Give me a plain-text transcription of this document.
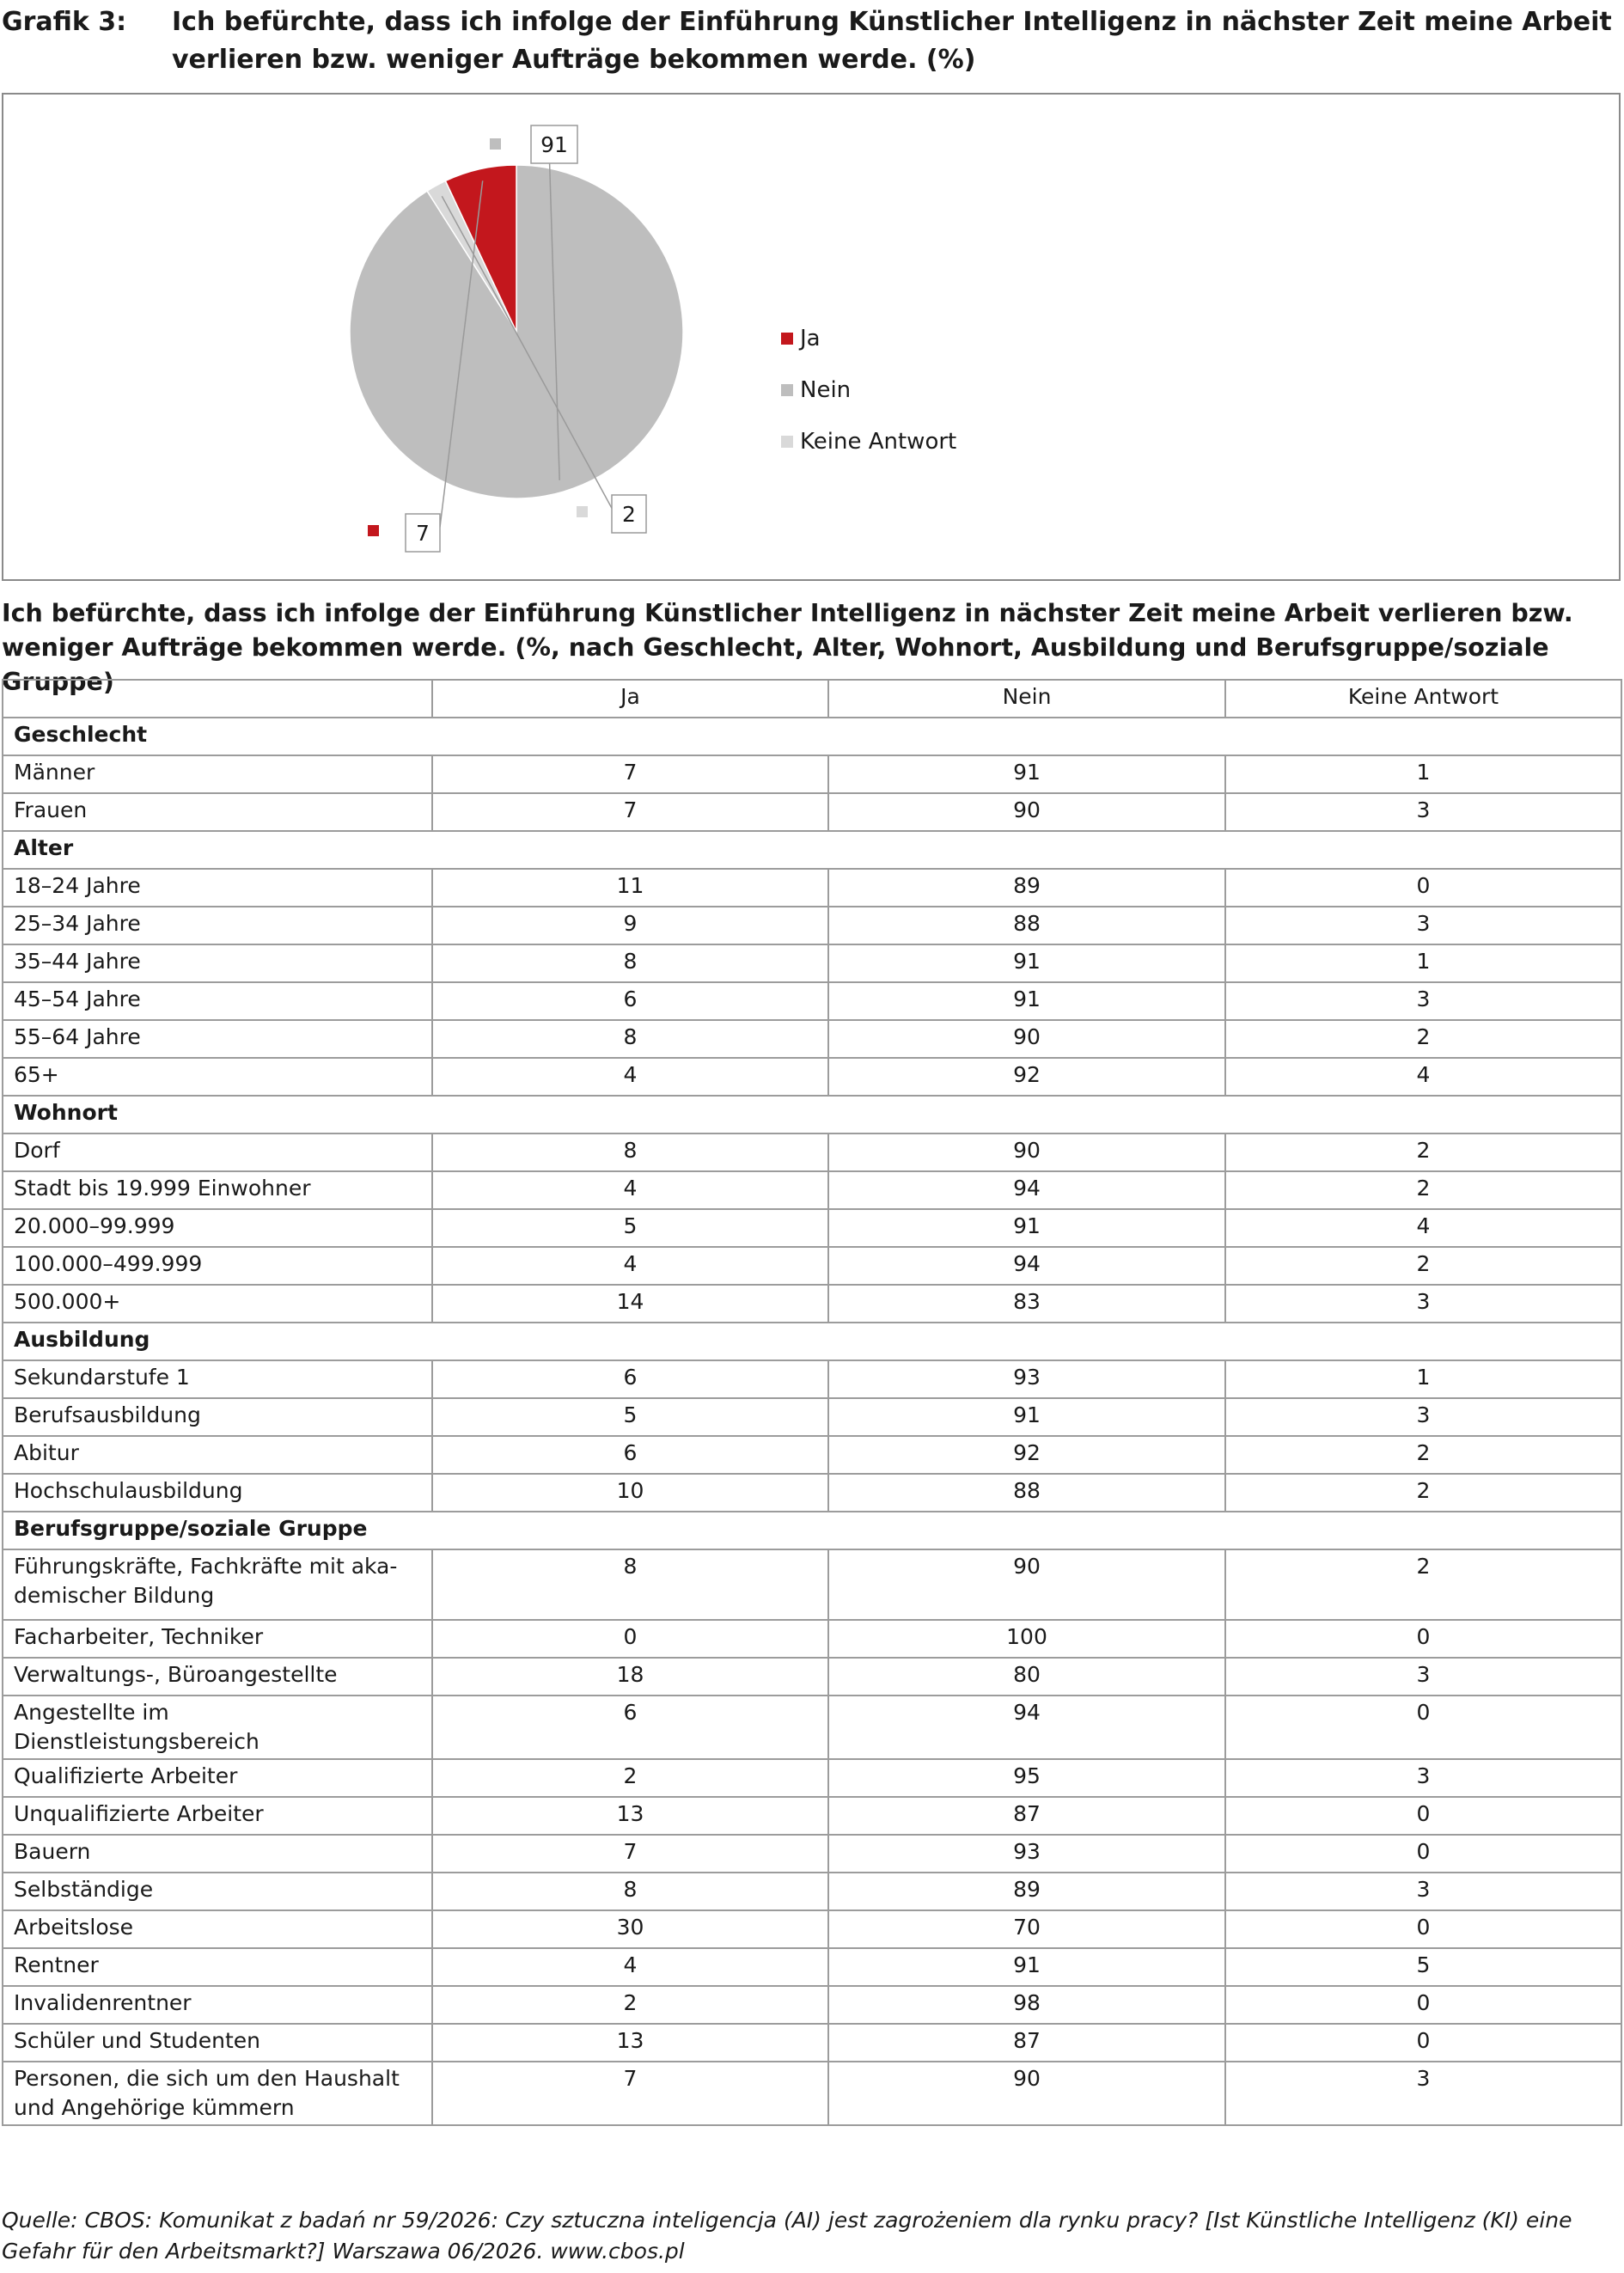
Grafik 3: Ich befürchte, dass ich infolge der Einführung Künstlicher Intelligenz in nächster Zeit meine Arbeit verlieren bzw. weniger Aufträge bekommen werde. (%)
91
2
7
Ja
Nein
Keine Antwort
Ich befürchte, dass ich infolge der Einführung Künstlicher Intelligenz in nächster Zeit meine Arbeit verlieren bzw. weniger Aufträge bekommen werde. (%, nach Geschlecht, Alter, Wohnort, Ausbildung und Berufsgruppe/soziale Gruppe)
	Ja	Nein	Keine Antwort
Geschlecht			
Männer	7	91	1
Frauen	7	90	3
Alter			
18–24 Jahre	11	89	0
25–34 Jahre	9	88	3
35–44 Jahre	8	91	1
45–54 Jahre	6	91	3
55–64 Jahre	8	90	2
65+	4	92	4
Wohnort			
Dorf	8	90	2
Stadt bis 19.999 Einwohner	4	94	2
20.000–99.999	5	91	4
100.000–499.999	4	94	2
500.000+	14	83	3
Ausbildung			
Sekundarstufe 1	6	93	1
Berufsausbildung	5	91	3
Abitur	6	92	2
Hochschulausbildung	10	88	2
Berufsgruppe/soziale Gruppe			
Führungskräfte, Fachkräfte mit aka-demischer Bildung	8	90	2
Facharbeiter, Techniker	0	100	0
Verwaltungs-, Büroangestellte	18	80	3
Angestellte im Dienstleistungsbereich	6	94	0
Qualifizierte Arbeiter	2	95	3
Unqualifizierte Arbeiter	13	87	0
Bauern	7	93	0
Selbständige	8	89	3
Arbeitslose	30	70	0
Rentner	4	91	5
Invalidenrentner	2	98	0
Schüler und Studenten	13	87	0
Personen, die sich um den Haushalt und Angehörige kümmern	7	90	3
Quelle: CBOS: Komunikat z badań nr 59/2026: Czy sztuczna inteligencja (AI) jest zagrożeniem dla rynku pracy? [Ist Künstliche Intelligenz (KI) eine Gefahr für den Arbeitsmarkt?] Warszawa 06/2026. www.cbos.pl
